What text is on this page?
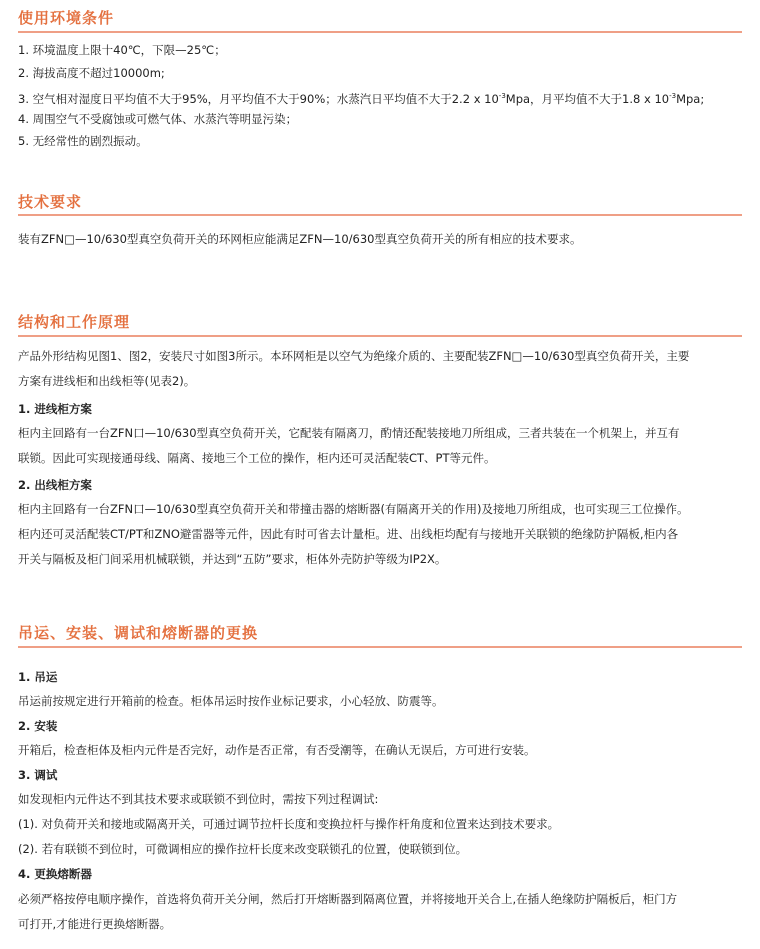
使用环境条件
1. 环境温度上限十40℃，下限—25℃；
2. 海拔高度不超过10000m;
3. 空气相对湿度日平均值不大于95%，月平均值不大于90%；水蒸汽日平均值不大于2.2 x $10^{-3}Mpa$，月平均值不大于1.8 x $10^{-3}Mpa$;
4. 周围空气不受腐蚀或可燃气体、水蒸汽等明显污染；
5. 无经常性的剧烈振动。
技术要求
装有ZFN□—10/630型真空负荷开关的环网柜应能满足ZFN—10/630型真空负荷开关的所有相应的技术要求。
结构和工作原理
产品外形结构见图1、图2，安装尺寸如图3所示。本环网柜是以空气为绝缘介质的、主要配装ZFN□—10/630型真空负荷开关，主要
方案有进线柜和出线柜等(见表2)。
1. 进线柜方案
柜内主回路有一台ZFN口—10/630型真空负荷开关，它配装有隔离刀，酌情还配装接地刀所组成，三者共装在一个机架上，并互有
联锁。因此可实现接通母线、隔离、接地三个工位的操作，柜内还可灵活配装CT、PT等元件。
2. 出线柜方案
柜内主回路有一台ZFN口—10/630型真空负荷开关和带撞击器的熔断器(有隔离开关的作用)及接地刀所组成，也可实现三工位操作。
柜内还可灵活配装CT/PT和ZNO避雷器等元件，因此有时可省去计量柜。进、出线柜均配有与接地开关联锁的绝缘防护隔板,柜内各
开关与隔板及柜门间采用机械联锁，并达到“五防”要求，柜体外壳防护等级为IP2X。
吊运、安装、调试和熔断器的更换
1. 吊运
吊运前按规定进行开箱前的检查。柜体吊运时按作业标记要求，小心轻放、防震等。
2. 安装
开箱后，检查柜体及柜内元件是否完好，动作是否正常，有否受潮等，在确认无误后，方可进行安装。
3. 调试
如发现柜内元件达不到其技术要求或联锁不到位时，需按下列过程调试:
(1). 对负荷开关和接地或隔离开关，可通过调节拉杆长度和变换拉杆与操作杆角度和位置来达到技术要求。
(2). 若有联锁不到位时，可微调相应的操作拉杆长度来改变联锁孔的位置，使联锁到位。
4. 更换熔断器
必须严格按停电顺序操作，首选将负荷开关分闸，然后打开熔断器到隔离位置，并将接地开关合上,在插人绝缘防护隔板后，柜门方
可打开,才能进行更换熔断器。
